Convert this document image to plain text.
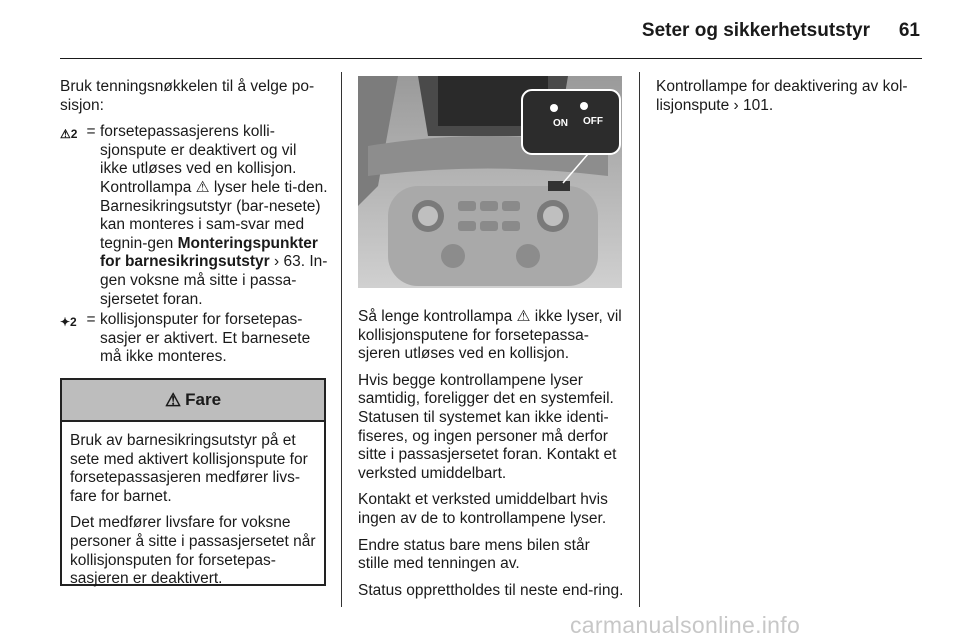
Seter og sikkerhetsutstyr	61

Bruk tenningsnøkkelen til å velge po-sisjon:

⚠2 = forsetepassasjerens kolli-sjonspute er deaktivert og vil ikke utløses ved en kollisjon. Kontrollampa ⚠ lyser hele ti-den. Barnesikringsutstyr (bar-nesete) kan monteres i sam-svar med tegnin-gen Monteringspunkter for barnesikringsutstyr › 63. In-gen voksne må sitte i passa-sjersetet foran.
✦2 = kollisjonsputer for forsetepas-sasjer er aktivert. Et barnesete må ikke monteres.
⚠ Fare

Bruk av barnesikringsutstyr på et sete med aktivert kollisjonspute for forsetepassasjeren medfører livs-fare for barnet.

Det medfører livsfare for voksne personer å sitte i passasjersetet når kollisjonsputen for forsetepas-sasjeren er deaktivert.

ON OFF

Så lenge kontrollampa ⚠ ikke lyser, vil kollisjonsputene for forsetepassa-sjeren utløses ved en kollisjon.

Hvis begge kontrollampene lyser samtidig, foreligger det en systemfeil. Statusen til systemet kan ikke identi-fiseres, og ingen personer må derfor sitte i passasjersetet foran. Kontakt et verksted umiddelbart.

Kontakt et verksted umiddelbart hvis ingen av de to kontrollampene lyser.

Endre status bare mens bilen står stille med tenningen av.

Status opprettholdes til neste end-ring.

Kontrollampe for deaktivering av kol-lisjonspute › 101.

carmanualsonline.info
